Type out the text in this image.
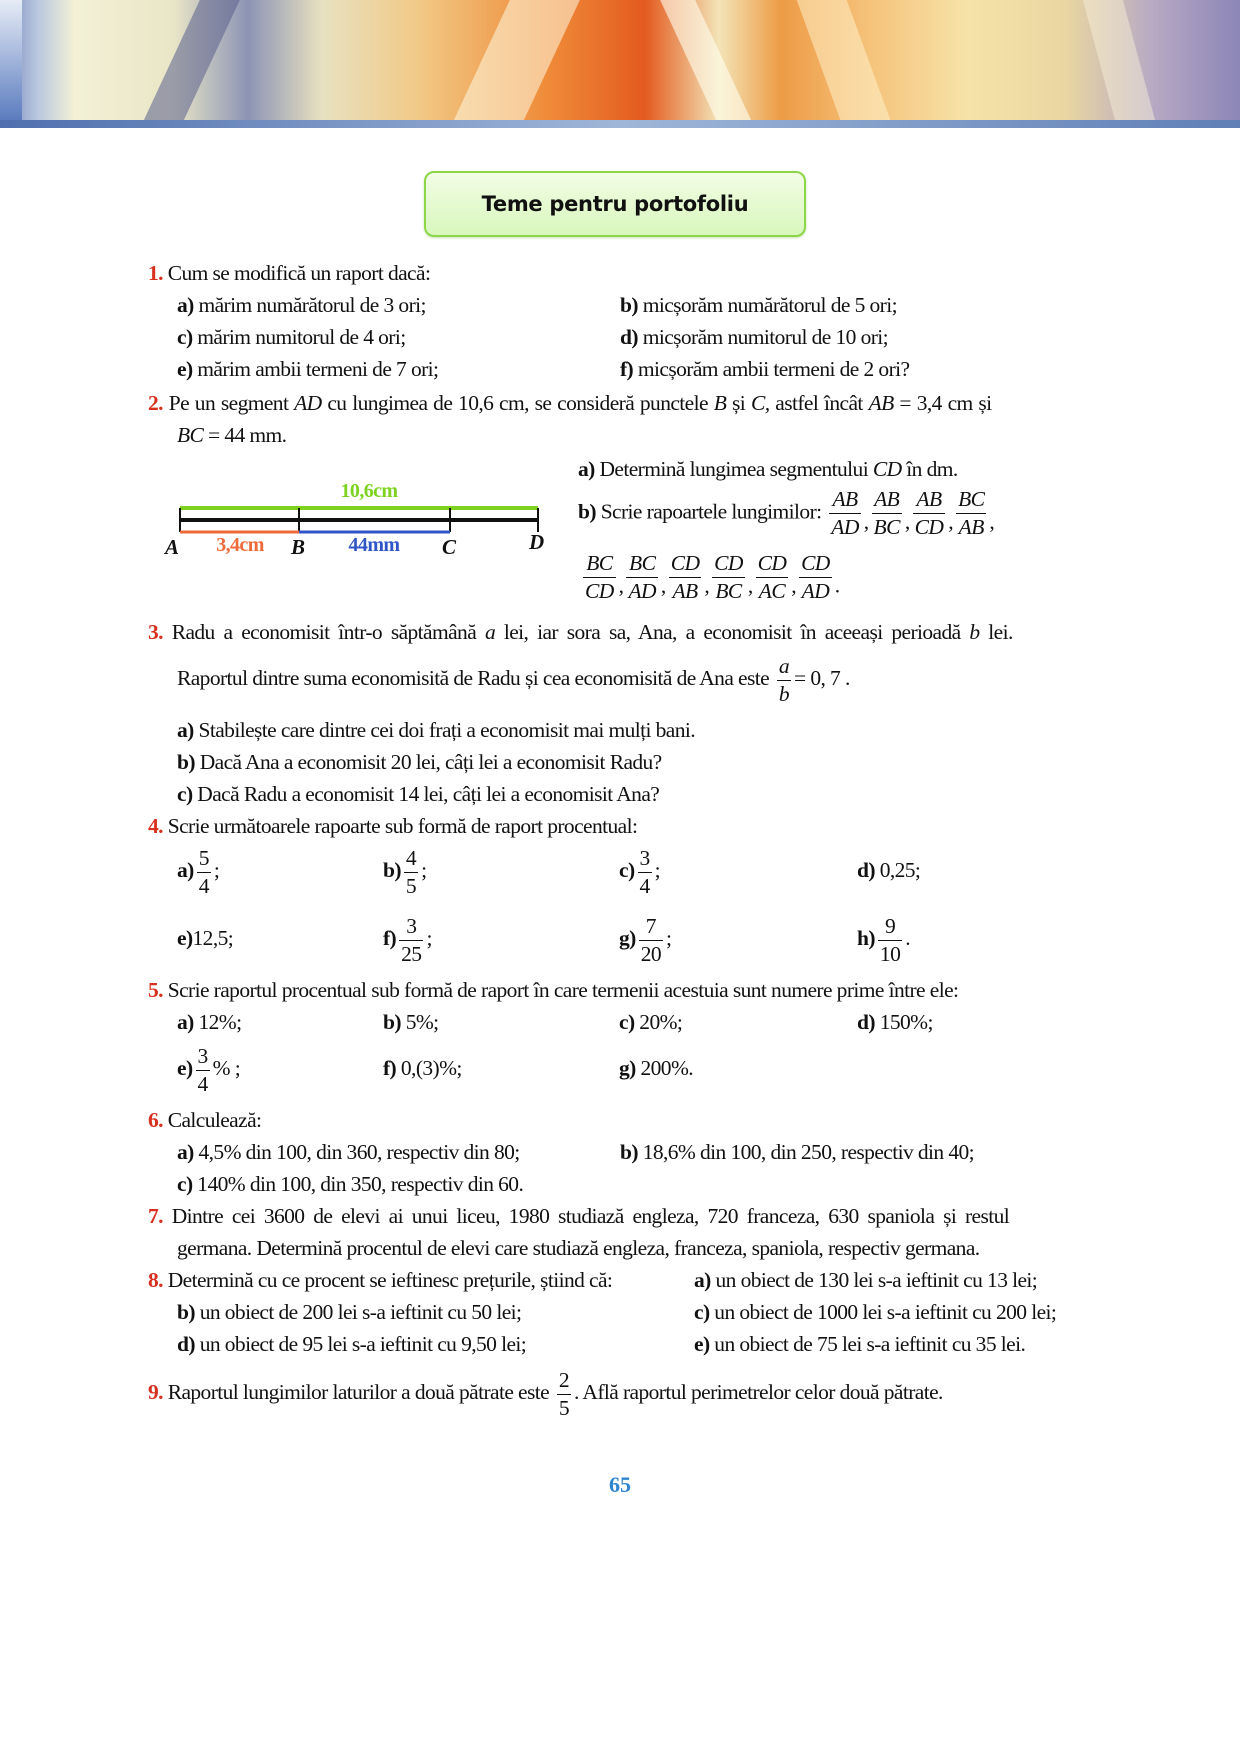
Teme pentru portofoliu
1. Cum se modifică un raport dacă:
a) mărim numărătorul de 3 ori;	b) micșorăm numărătorul de 5 ori;
c) mărim numitorul de 4 ori;	d) micșorăm numitorul de 10 ori;
e) mărim ambii termeni de 7 ori;	f) micșorăm ambii termeni de 2 ori?
2. Pe un segment AD cu lungimea de 10,6 cm, se consideră punctele B și C, astfel încât AB = 3,4 cm și
BC = 44 mm.
10,6cm
A 3,4cm B 44mm C	D
a) Determină lungimea segmentului CD în dm.
b) Scrie rapoartele lungimilor: $\frac{AB}{AD}$ , $\frac{AB}{BC}$ , $\frac{AB}{CD}$ , $\frac{BC}{AB}$ ,
$\frac{BC}{CD}$ , $\frac{BC}{AD}$ , $\frac{CD}{AB}$ , $\frac{CD}{BC}$ , $\frac{CD}{AC}$ , $\frac{CD}{AD}$ .
3. Radu a economisit într-o săptămână a lei, iar sora sa, Ana, a economisit în aceeași perioadă b lei.
Raportul dintre suma economisită de Radu și cea economisită de Ana este $\frac{a}{b} = 0$, 7 .
a) Stabilește care dintre cei doi frați a economisit mai mulți bani.
b) Dacă Ana a economisit 20 lei, câți lei a economisit Radu?
c) Dacă Radu a economisit 14 lei, câți lei a economisit Ana?
4. Scrie următoarele rapoarte sub formă de raport procentual:
$a) \frac{5}{4}$ ;	$b) \frac{4}{5}$ ;	$c) \frac{3}{4}$ ;	d) 0,25;
e)12,5;	$f) \frac{3}{25}$ ;	$g) \frac{7}{20}$ ;	$h) \frac{9}{10}$ .
5. Scrie raportul procentual sub formă de raport în care termenii acestuia sunt numere prime între ele:
a) 12%;	b) 5%;	c) 20%;	d) 150%;
$e) \frac{3}{4}$ % ;	f) 0,(3)%;	g) 200%.
6. Calculează:
a) 4,5% din 100, din 360, respectiv din 80;	b) 18,6% din 100, din 250, respectiv din 40;
c) 140% din 100, din 350, respectiv din 60.
7. Dintre cei 3600 de elevi ai unui liceu, 1980 studiază engleza, 720 franceza, 630 spaniola și restul
germana. Determină procentul de elevi care studiază engleza, franceza, spaniola, respectiv germana.
8. Determină cu ce procent se ieftinesc prețurile, știind că:	a) un obiect de 130 lei s-a ieftinit cu 13 lei;
b) un obiect de 200 lei s-a ieftinit cu 50 lei;	c) un obiect de 1000 lei s-a ieftinit cu 200 lei;
d) un obiect de 95 lei s-a ieftinit cu 9,50 lei;	e) un obiect de 75 lei s-a ieftinit cu 35 lei.
9. Raportul lungimilor laturilor a două pătrate este $\frac{2}{5}$ . Află raportul perimetrelor celor două pătrate.
65
